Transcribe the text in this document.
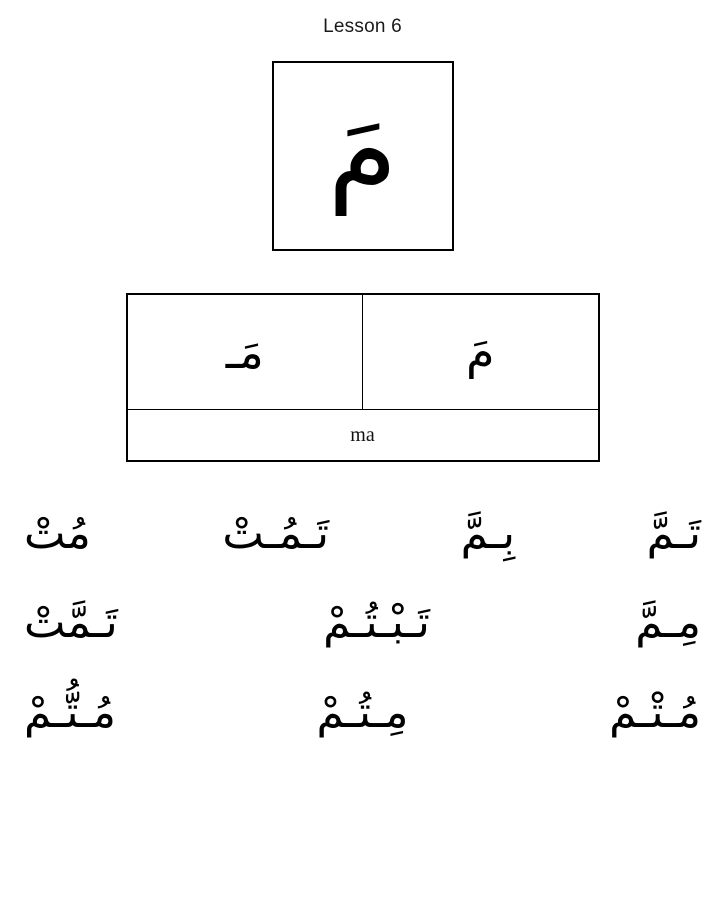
Lesson 6
مَ
مَـ	مَ
ma
تَـمَّ
بِـمَّ
تَـمُـتْ
مُتْ
مِـمَّ
تَـبْـتُـمْ
تَـمَّتْ
مُـتْـمْ
مِـتُـمْ
مُـتُّـمْ
